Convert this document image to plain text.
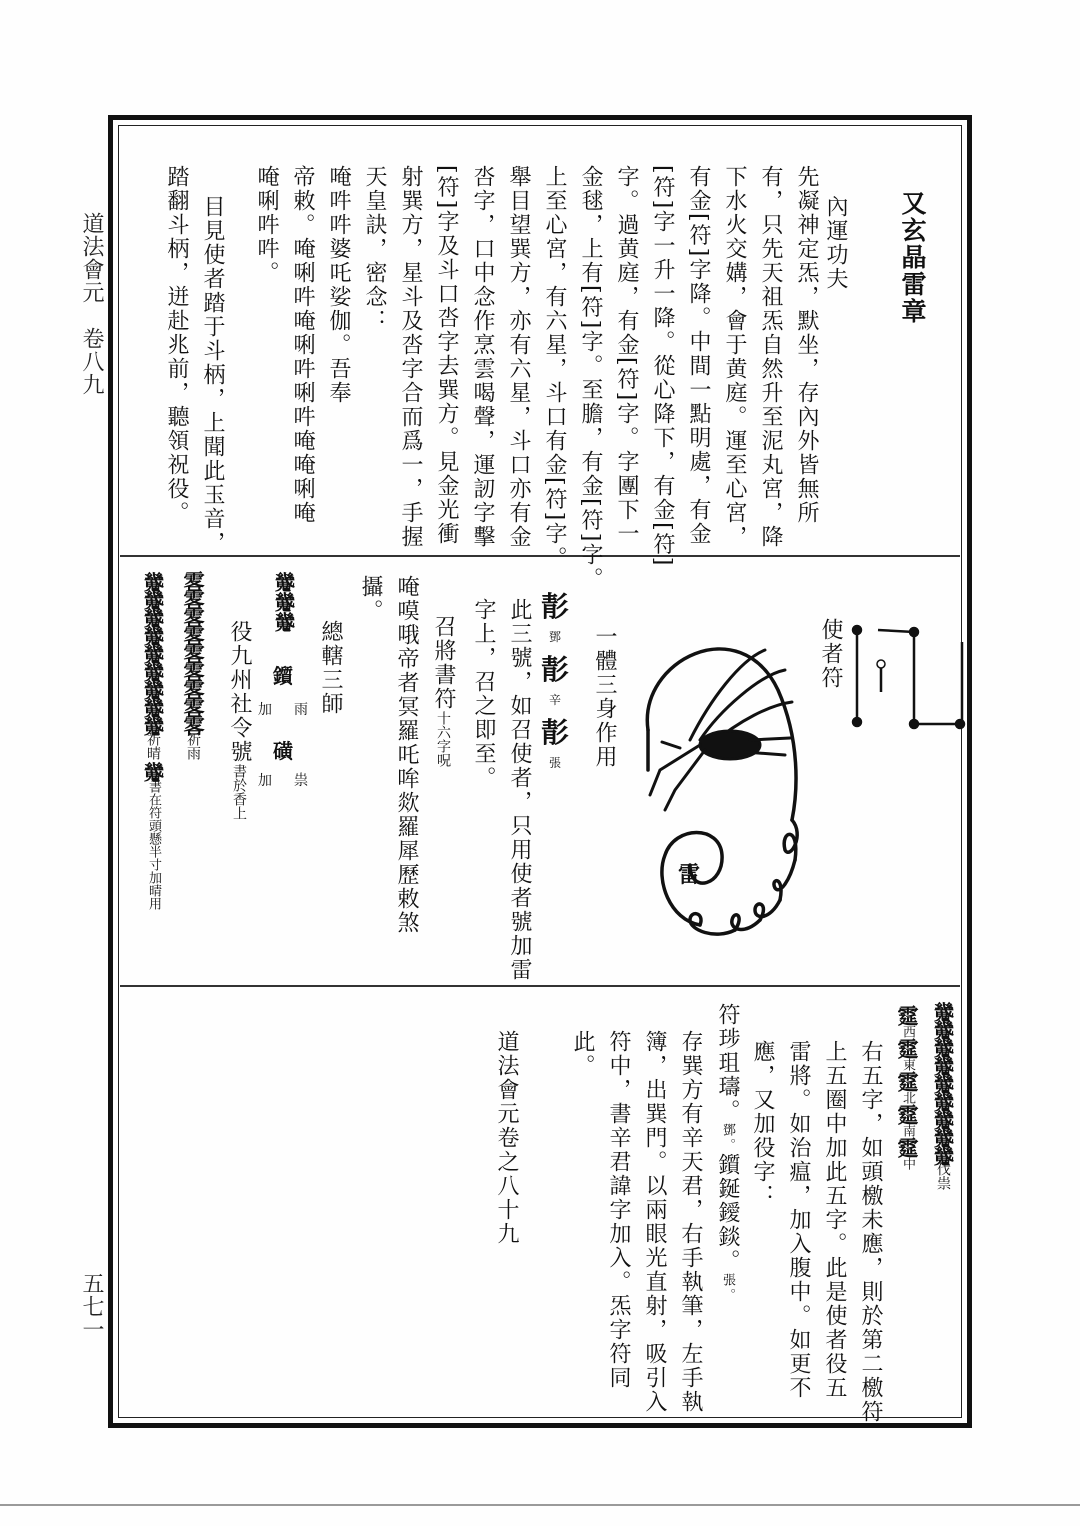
道法會元　卷八九
五七一
又玄晶雷章
內運功夫
先凝神定炁，默坐，存內外皆無所
有，只先天祖炁自然升至泥丸宮，降
下水火交媾，會于黄庭。運至心宮，
有金[符]字降。中間一點明處，有金
[符]字一升一降。從心降下，有金[符]
字。過黄庭，有金[符]字。字團下一
金毬，上有[符]字。至膽，有金[符]字。
上至心宮，有六星，斗口有金[符]字。
舉目望巽方，亦有六星，斗口亦有金
呇字，口中念作烹雲喝聲，運訒字擊
[符]字及斗口呇字去巽方。見金光衝
射巽方，星斗及呇字合而爲一，手握
天皇訣，密念：
唵吽吽婆吒娑伽。吾奉
帝敕。唵唎吽唵唎吽唎吽唵唵唎唵
唵唎吽吽。
目見使者踏于斗柄，上聞此玉音，
踏翻斗柄，迸赴兆前，聽領祝役。
使者符
雷
一體三身作用
𩇕
鄧
𩇕
辛
𩇕
張
此三號，如召使者，只用使者號加雷
字上，召之即至。
召將書符十六字呪
唵嗼哦帝者冥羅吒哞欻羅犀歷敕煞
攝。
總轄三師
𩴆𩴆𩴆
鑕
加 雨
磺
加 祟
役九州社令號書於香上
𩂣𩂣𩂣𩂣𩂣𩂣𩂣𩂣𩂣祈雨
𩴆𩴆𩴆𩴆𩴆𩴆𩴆𩴆𩴆祈晴𩴆書在符頭懸半寸加晴用
𩴆𩴆𩴆𩴆𩴆𩴆𩴆𩴆𩴆伐祟
𩃀西𩃀東𩃀北𩃀南𩃀中
右五字，如頭檄未應，則於第二檄符
上五圈中加此五字。此是使者役五
雷將。如治瘟，加入腹中。如更不
應，又加役字：
符㻉珇璹。鄧。鑕鋋鑀錟。張。
存巽方有辛天君，右手執筆，左手執
簿，出巽門。以兩眼光直射，吸引入
符中，書辛君諱字加入。炁字符同
此。
道法會元卷之八十九
